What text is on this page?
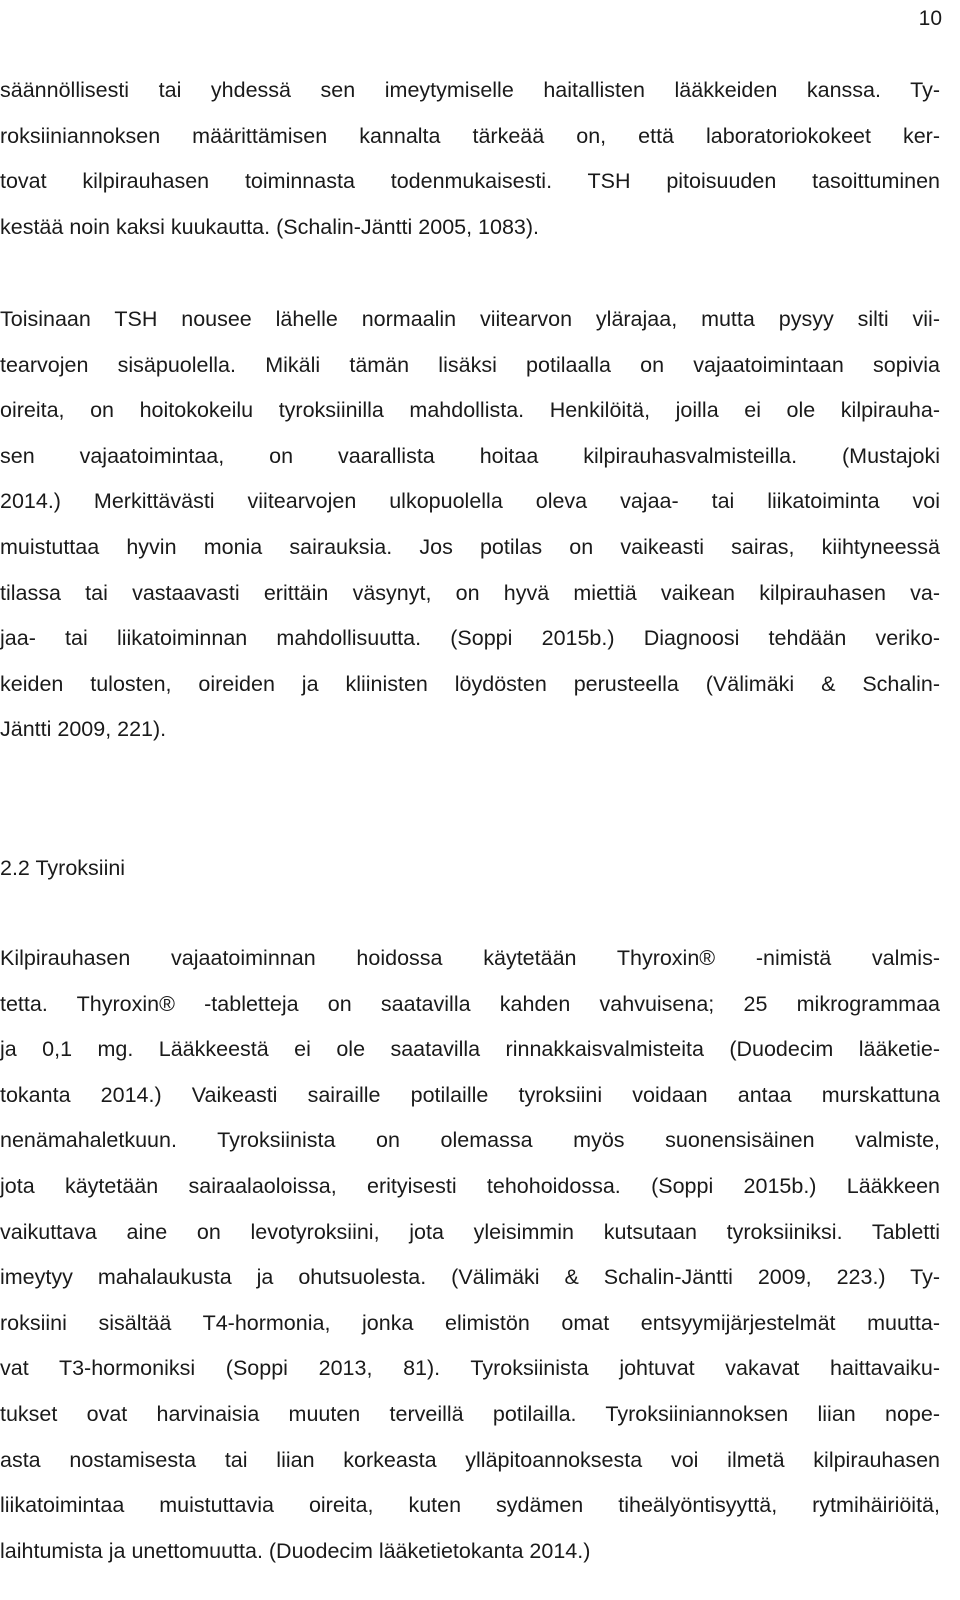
10
säännöllisesti tai yhdessä sen imeytymiselle haitallisten lääkkeiden kanssa. Ty-
roksiiniannoksen määrittämisen kannalta tärkeää on, että laboratoriokokeet ker-
tovat kilpirauhasen toiminnasta todenmukaisesti. TSH pitoisuuden tasoittuminen
kestää noin kaksi kuukautta. (Schalin-Jäntti 2005, 1083).
Toisinaan TSH nousee lähelle normaalin viitearvon ylärajaa, mutta pysyy silti vii-
tearvojen sisäpuolella. Mikäli tämän lisäksi potilaalla on vajaatoimintaan sopivia
oireita, on hoitokokeilu tyroksiinilla mahdollista. Henkilöitä, joilla ei ole kilpirauha-
sen vajaatoimintaa, on vaarallista hoitaa kilpirauhasvalmisteilla. (Mustajoki
2014.) Merkittävästi viitearvojen ulkopuolella oleva vajaa- tai liikatoiminta voi
muistuttaa hyvin monia sairauksia. Jos potilas on vaikeasti sairas, kiihtyneessä
tilassa tai vastaavasti erittäin väsynyt, on hyvä miettiä vaikean kilpirauhasen va-
jaa- tai liikatoiminnan mahdollisuutta. (Soppi 2015b.) Diagnoosi tehdään veriko-
keiden tulosten, oireiden ja kliinisten löydösten perusteella (Välimäki & Schalin-
Jäntti 2009, 221).
2.2 Tyroksiini
Kilpirauhasen vajaatoiminnan hoidossa käytetään Thyroxin® -nimistä valmis-
tetta. Thyroxin® -tabletteja on saatavilla kahden vahvuisena; 25 mikrogrammaa
ja 0,1 mg. Lääkkeestä ei ole saatavilla rinnakkaisvalmisteita (Duodecim lääketie-
tokanta 2014.) Vaikeasti sairaille potilaille tyroksiini voidaan antaa murskattuna
nenämahaletkuun. Tyroksiinista on olemassa myös suonensisäinen valmiste,
jota käytetään sairaalaoloissa, erityisesti tehohoidossa. (Soppi 2015b.) Lääkkeen
vaikuttava aine on levotyroksiini, jota yleisimmin kutsutaan tyroksiiniksi. Tabletti
imeytyy mahalaukusta ja ohutsuolesta. (Välimäki & Schalin-Jäntti 2009, 223.) Ty-
roksiini sisältää T4-hormonia, jonka elimistön omat entsyymijärjestelmät muutta-
vat T3-hormoniksi (Soppi 2013, 81). Tyroksiinista johtuvat vakavat haittavaiku-
tukset ovat harvinaisia muuten terveillä potilailla. Tyroksiiniannoksen liian nope-
asta nostamisesta tai liian korkeasta ylläpitoannoksesta voi ilmetä kilpirauhasen
liikatoimintaa muistuttavia oireita, kuten sydämen tiheälyöntisyyttä, rytmihäiriöitä,
laihtumista ja unettomuutta. (Duodecim lääketietokanta 2014.)
